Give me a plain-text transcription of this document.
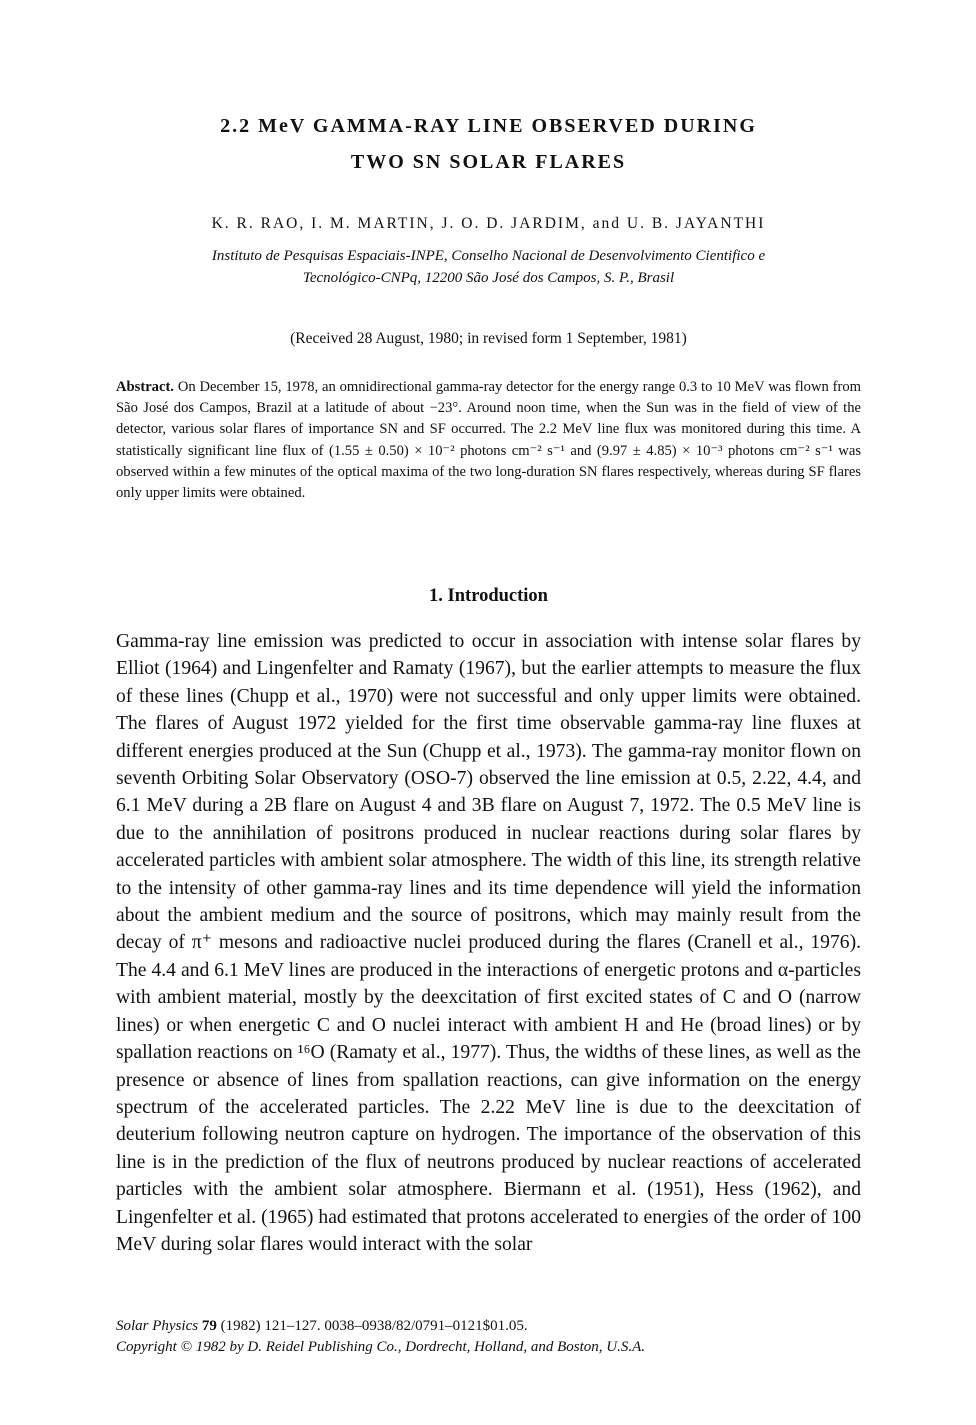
2.2 MeV GAMMA-RAY LINE OBSERVED DURING
TWO SN SOLAR FLARES
K. R. RAO, I. M. MARTIN, J. O. D. JARDIM, and U. B. JAYANTHI
Instituto de Pesquisas Espaciais-INPE, Conselho Nacional de Desenvolvimento Cientifico e
Tecnológico-CNPq, 12200 São José dos Campos, S. P., Brasil
(Received 28 August, 1980; in revised form 1 September, 1981)
Abstract. On December 15, 1978, an omnidirectional gamma-ray detector for the energy range 0.3 to 10 MeV was flown from São José dos Campos, Brazil at a latitude of about −23°. Around noon time, when the Sun was in the field of view of the detector, various solar flares of importance SN and SF occurred. The 2.2 MeV line flux was monitored during this time. A statistically significant line flux of (1.55 ± 0.50) × 10⁻² photons cm⁻² s⁻¹ and (9.97 ± 4.85) × 10⁻³ photons cm⁻² s⁻¹ was observed within a few minutes of the optical maxima of the two long-duration SN flares respectively, whereas during SF flares only upper limits were obtained.
1. Introduction

Gamma-ray line emission was predicted to occur in association with intense solar flares by Elliot (1964) and Lingenfelter and Ramaty (1967), but the earlier attempts to measure the flux of these lines (Chupp et al., 1970) were not successful and only upper limits were obtained. The flares of August 1972 yielded for the first time observable gamma-ray line fluxes at different energies produced at the Sun (Chupp et al., 1973). The gamma-ray monitor flown on seventh Orbiting Solar Observatory (OSO-7) observed the line emission at 0.5, 2.22, 4.4, and 6.1 MeV during a 2B flare on August 4 and 3B flare on August 7, 1972. The 0.5 MeV line is due to the annihilation of positrons produced in nuclear reactions during solar flares by accelerated particles with ambient solar atmosphere. The width of this line, its strength relative to the intensity of other gamma-ray lines and its time dependence will yield the information about the ambient medium and the source of positrons, which may mainly result from the decay of π⁺ mesons and radioactive nuclei produced during the flares (Cranell et al., 1976). The 4.4 and 6.1 MeV lines are produced in the interactions of energetic protons and α-particles with ambient material, mostly by the deexcitation of first excited states of C and O (narrow lines) or when energetic C and O nuclei interact with ambient H and He (broad lines) or by spallation reactions on ¹⁶O (Ramaty et al., 1977). Thus, the widths of these lines, as well as the presence or absence of lines from spallation reactions, can give information on the energy spectrum of the accelerated particles. The 2.22 MeV line is due to the deexcitation of deuterium following neutron capture on hydrogen. The importance of the observation of this line is in the prediction of the flux of neutrons produced by nuclear reactions of accelerated particles with the ambient solar atmosphere. Biermann et al. (1951), Hess (1962), and Lingenfelter et al. (1965) had estimated that protons accelerated to energies of the order of 100 MeV during solar flares would interact with the solar

Solar Physics 79 (1982) 121–127. 0038–0938/82/0791–0121$01.05.
Copyright © 1982 by D. Reidel Publishing Co., Dordrecht, Holland, and Boston, U.S.A.
